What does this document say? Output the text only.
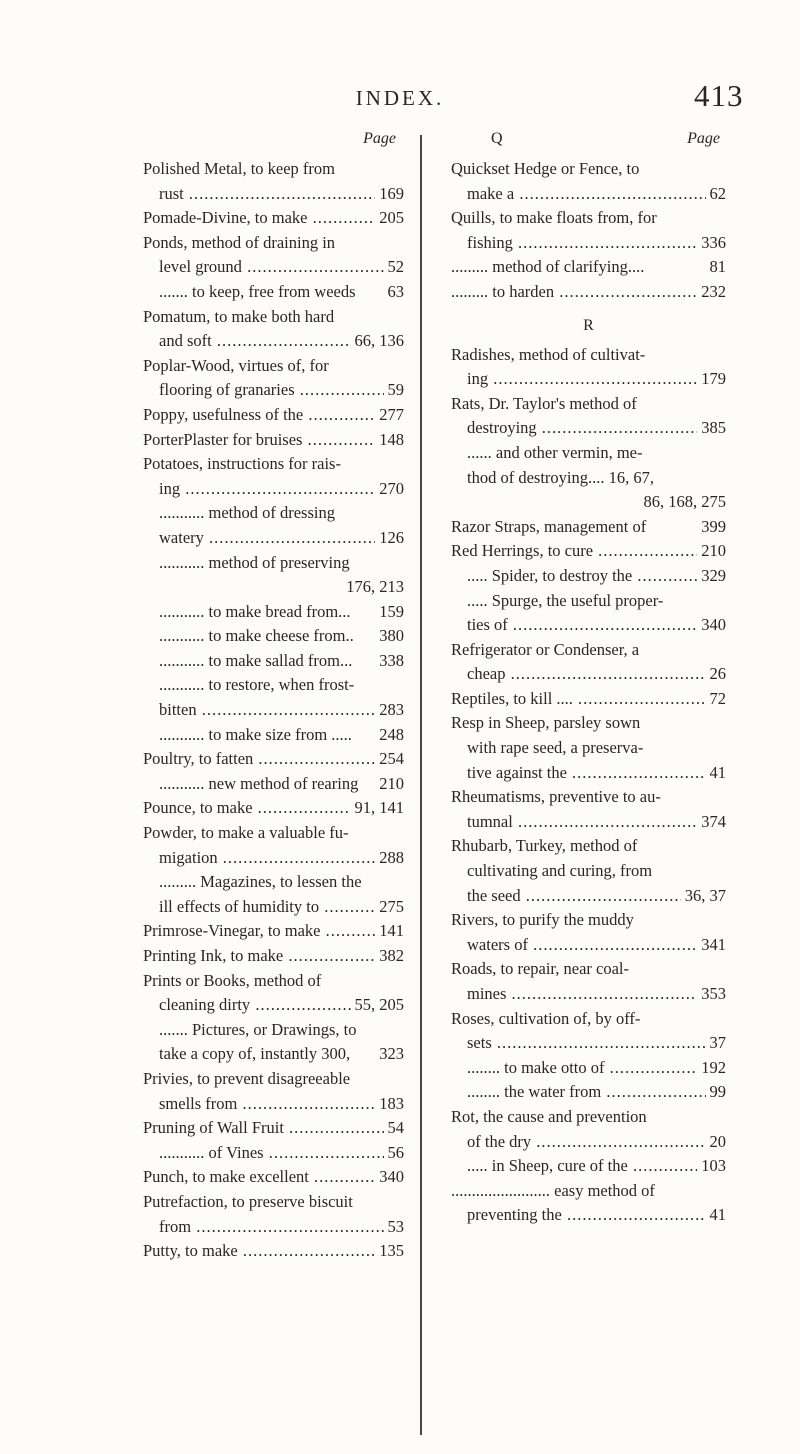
INDEX.	413
Page
Polished Metal, to keep from
rust .....	169
Pomade-Divine, to make .....	205
Ponds, method of draining in
level ground .....	52
....... to keep, free from weeds 63
Pomatum, to make both hard
and soft .....	66, 136
Poplar-Wood, virtues of, for
flooring of granaries .....	59
Poppy, usefulness of the .....	277
PorterPlaster for bruises .....	148
Potatoes, instructions for rais-
ing .....	270
........... method of dressing
watery .....	126
........... method of preserving
176, 213
........... to make bread from... 159
........... to make cheese from.. 380
........... to make sallad from... 338
........... to restore, when frost-
bitten .....	283
........... to make size from ..... 248
Poultry, to fatten .....	254
........... new method of rearing 210
Pounce, to make .....	91, 141
Powder, to make a valuable fu-
migation .....	288
......... Magazines, to lessen the
ill effects of humidity to .....	275
Primrose-Vinegar, to make .....	141
Printing Ink, to make .....	382
Prints or Books, method of
cleaning dirty .....	55, 205
....... Pictures, or Drawings, to
take a copy of, instantly 300, 323
Privies, to prevent disagreeable
smells from .....	183
Pruning of Wall Fruit .....	54
........... of Vines .....	56
Punch, to make excellent .....	340
Putrefaction, to preserve biscuit
from .....	53
Putty, to make .....	135
Q	Page
Quickset Hedge or Fence, to
make a .....	62
Quills, to make floats from, for
fishing .....	336
......... method of clarifying....	81
......... to harden .....	232
R
Radishes, method of cultivat-
ing .....	179
Rats, Dr. Taylor's method of
destroying .....	385
...... and other vermin, me-
thod of destroying.... 16, 67,
86, 168, 275
Razor Straps, management of	399
Red Herrings, to cure .....	210
..... Spider, to destroy the .....	329
..... Spurge, the useful proper-
ties of .....	340
Refrigerator or Condenser, a
cheap .....	26
Reptiles, to kill .... .....	72
Resp in Sheep, parsley sown
with rape seed, a preserva-
tive against the .....	41
Rheumatisms, preventive to au-
tumnal .....	374
Rhubarb, Turkey, method of
cultivating and curing, from
the seed .....	36, 37
Rivers, to purify the muddy
waters of .....	341
Roads, to repair, near coal-
mines .....	353
Roses, cultivation of, by off-
sets .....	37
........ to make otto of .....	192
........ the water from .....	99
Rot, the cause and prevention
of the dry .....	20
..... in Sheep, cure of the .....	103
........................ easy method of
preventing the .....	41
